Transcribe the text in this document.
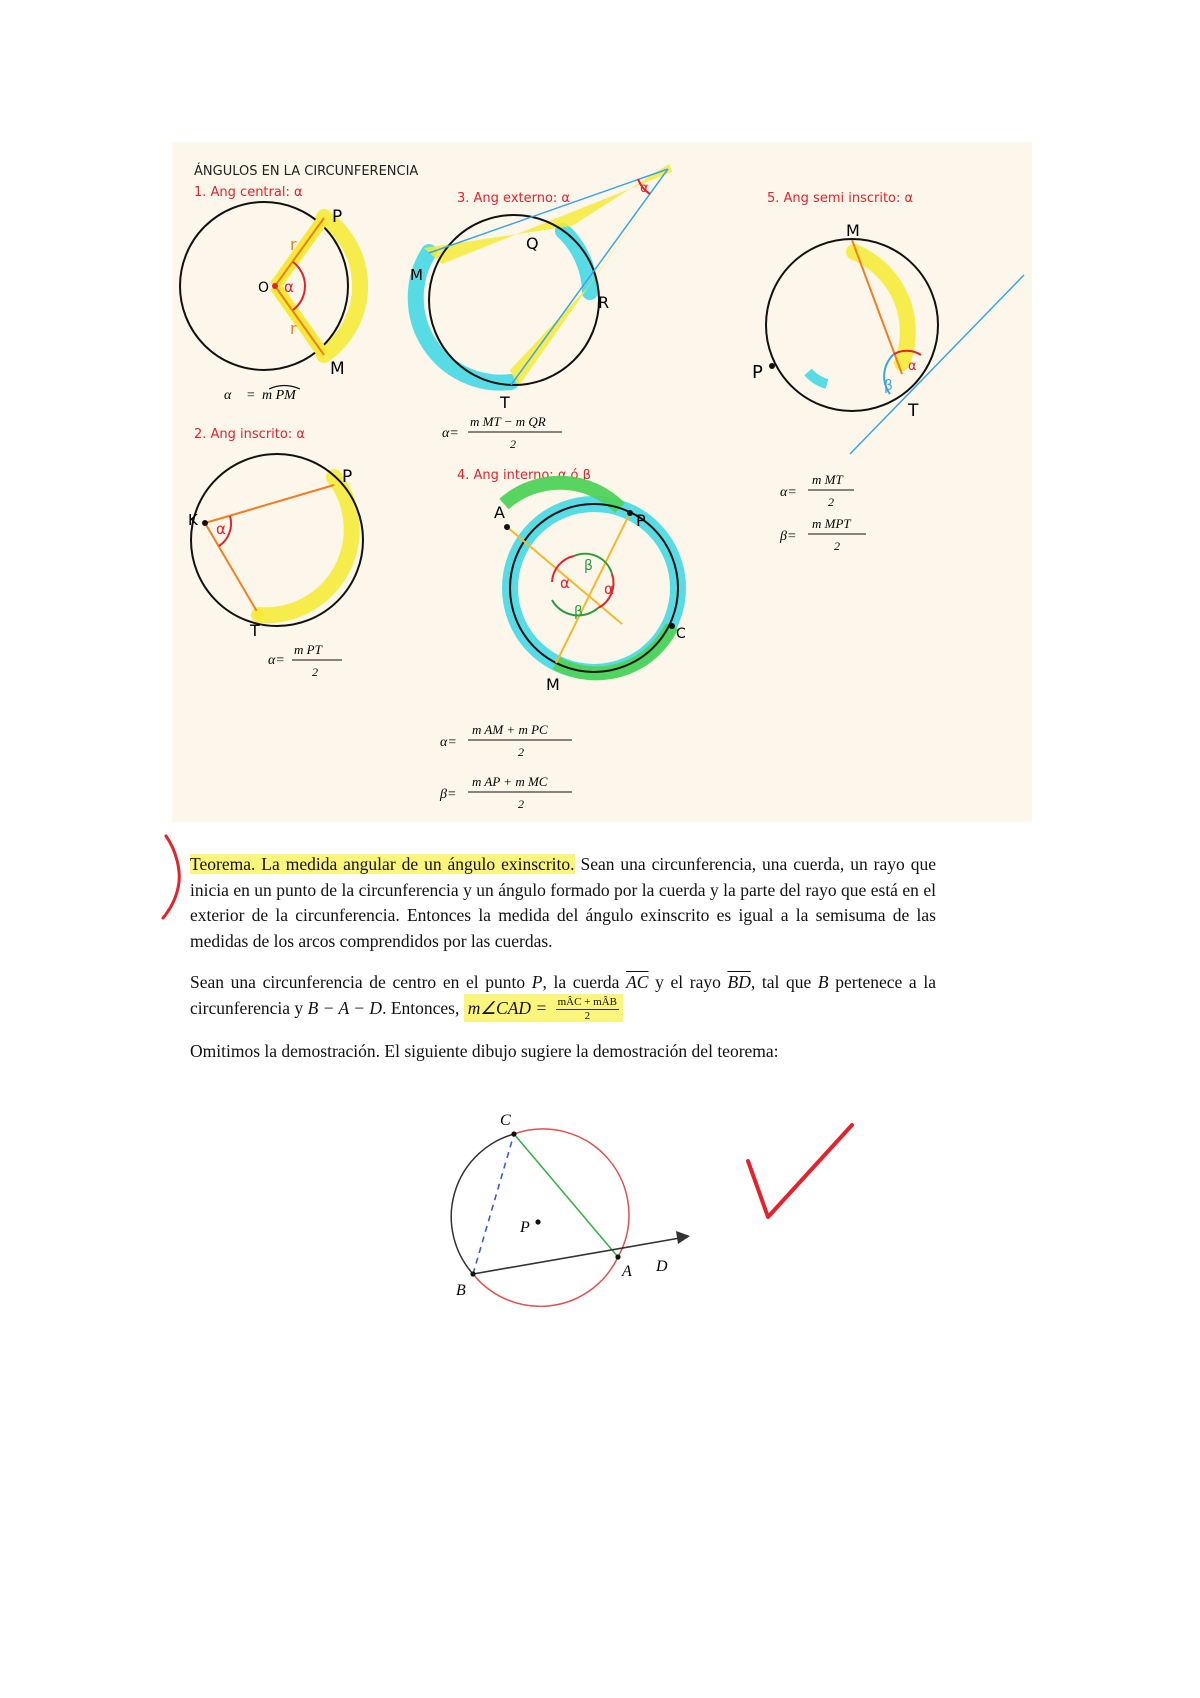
ÁNGULOS EN LA CIRCUNFERENCIA
1. Ang central: α
P
M
O
r
r
α
α = m PM
2. Ang inscrito: α
P
K
T
α
α=
m PT
2
3. Ang externo: α
Q
M
R
T
α
α=
m MT − m QR
2
4. Ang interno: α ó β
A	P
C
M
α α
β
β
α=
m AM + m PC
2
β=
m AP + m MC
2
5. Ang semi inscrito: α
M
P
T
α
β
α=
m MT
2
β=
m MPT
2

Teorema. La medida angular de un ángulo exinscrito. Sean una circunferencia, una cuerda, un rayo que inicia en un punto de la circunferencia y un ángulo formado por la cuerda y la parte del rayo que está en el exterior de la circunferencia. Entonces la medida del ángulo exinscrito es igual a la semisuma de las medidas de los arcos comprendidos por las cuerdas.

Sean una circunferencia de centro en el punto P, la cuerda $\overline{AC}$ y el rayo $\overline{BD}$, tal que B pertenece a la circunferencia y B − A − D. Entonces, m∠CAD = $\frac{\text{mÂC + mÂB}}{2}$

Omitimos la demostración. El siguiente dibujo sugiere la demostración del teorema:

C
P
B
A D
